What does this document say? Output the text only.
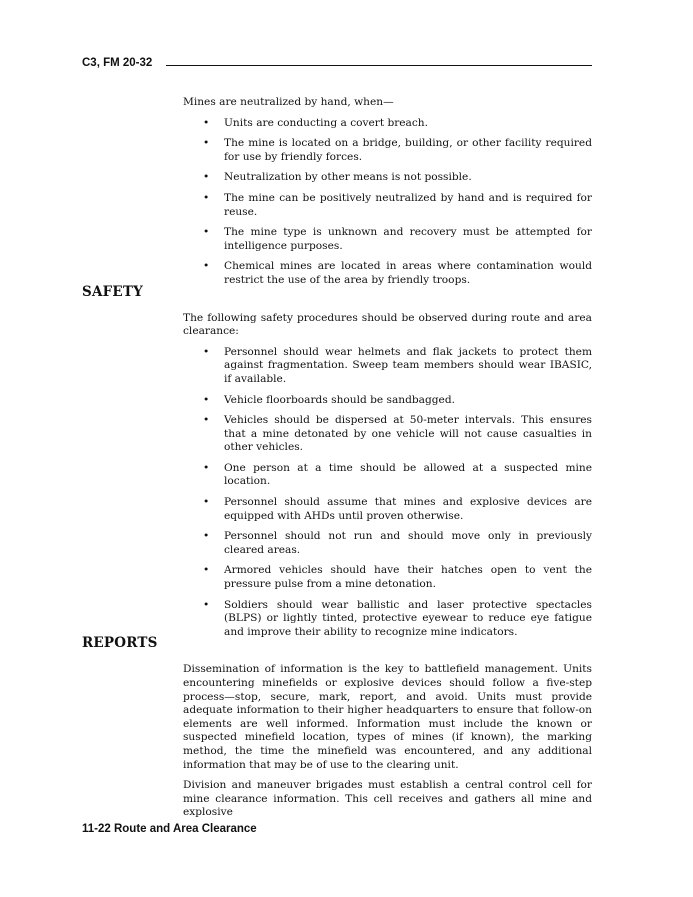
C3, FM 20-32

Mines are neutralized by hand, when—

• Units are conducting a covert breach.
• The mine is located on a bridge, building, or other facility required for use by friendly forces.
• Neutralization by other means is not possible.
• The mine can be positively neutralized by hand and is required for reuse.
• The mine type is unknown and recovery must be attempted for intelligence purposes.
• Chemical mines are located in areas where contamination would restrict the use of the area by friendly troops.
SAFETY

The following safety procedures should be observed during route and area clearance:

• Personnel should wear helmets and flak jackets to protect them against fragmentation. Sweep team members should wear IBASIC, if available.
• Vehicle floorboards should be sandbagged.
• Vehicles should be dispersed at 50-meter intervals. This ensures that a mine detonated by one vehicle will not cause casualties in other vehicles.
• One person at a time should be allowed at a suspected mine location.
• Personnel should assume that mines and explosive devices are equipped with AHDs until proven otherwise.
• Personnel should not run and should move only in previously cleared areas.
• Armored vehicles should have their hatches open to vent the pressure pulse from a mine detonation.
• Soldiers should wear ballistic and laser protective spectacles (BLPS) or lightly tinted, protective eyewear to reduce eye fatigue and improve their ability to recognize mine indicators.
REPORTS

Dissemination of information is the key to battlefield management. Units encountering minefields or explosive devices should follow a five-step process—stop, secure, mark, report, and avoid. Units must provide adequate information to their higher headquarters to ensure that follow-on elements are well informed. Information must include the known or suspected minefield location, types of mines (if known), the marking method, the time the minefield was encountered, and any additional information that may be of use to the clearing unit.

Division and maneuver brigades must establish a central control cell for mine clearance information. This cell receives and gathers all mine and explosive

11-22 Route and Area Clearance
